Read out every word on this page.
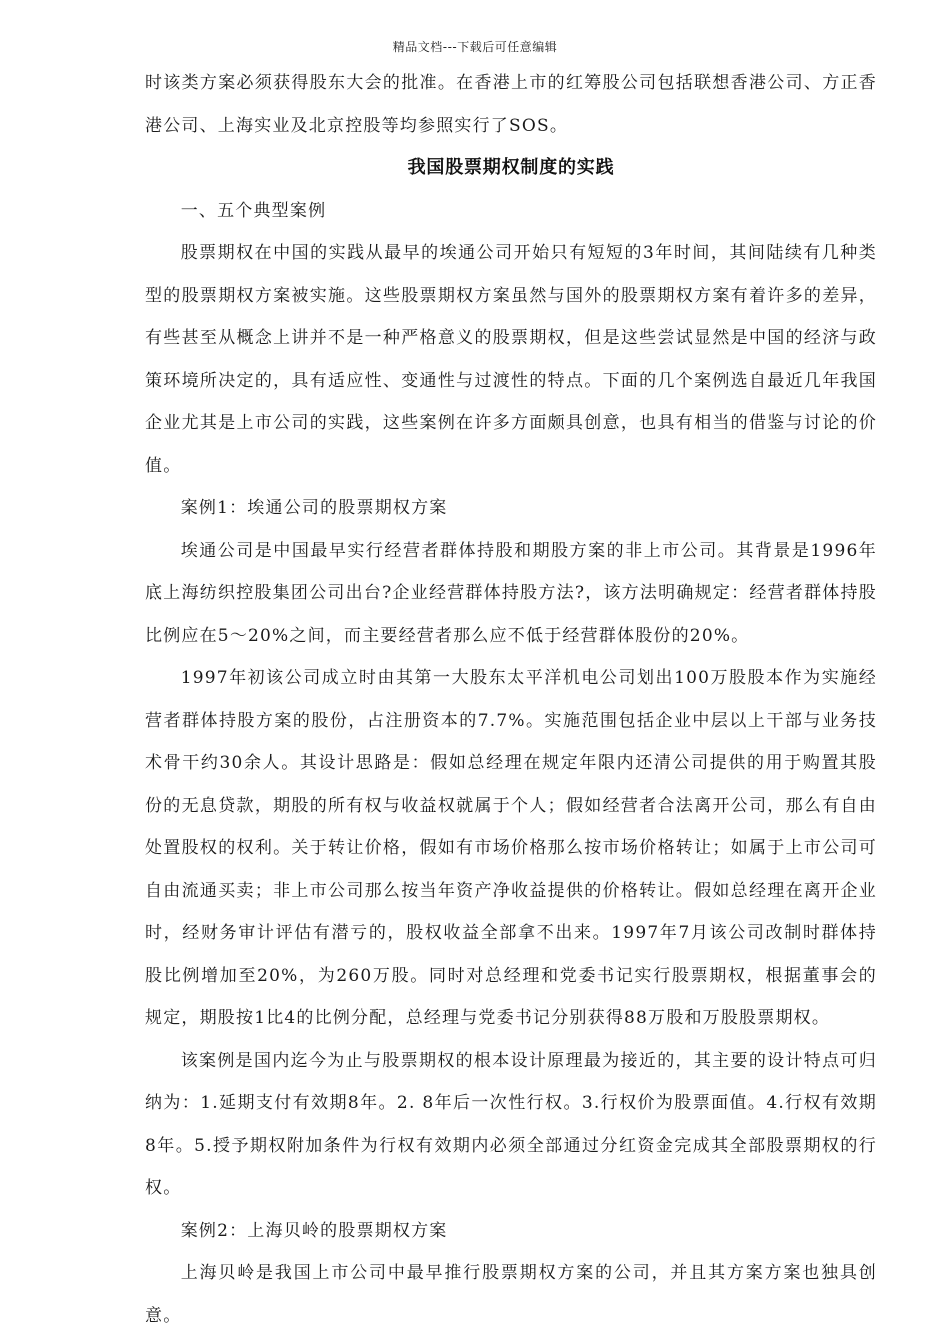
精品文档---下载后可任意编辑

时该类方案必须获得股东大会的批准。在香港上市的红筹股公司包括联想香港公司、方正香港公司、上海实业及北京控股等均参照实行了SOS。

我国股票期权制度的实践

一、五个典型案例

股票期权在中国的实践从最早的埃通公司开始只有短短的3年时间，其间陆续有几种类型的股票期权方案被实施。这些股票期权方案虽然与国外的股票期权方案有着许多的差异，有些甚至从概念上讲并不是一种严格意义的股票期权，但是这些尝试显然是中国的经济与政策环境所决定的，具有适应性、变通性与过渡性的特点。下面的几个案例选自最近几年我国企业尤其是上市公司的实践，这些案例在许多方面颇具创意，也具有相当的借鉴与讨论的价值。

案例1：埃通公司的股票期权方案

埃通公司是中国最早实行经营者群体持股和期股方案的非上市公司。其背景是1996年底上海纺织控股集团公司出台?企业经营群体持股方法?，该方法明确规定：经营者群体持股比例应在5～20%之间，而主要经营者那么应不低于经营群体股份的20%。

1997年初该公司成立时由其第一大股东太平洋机电公司划出100万股股本作为实施经营者群体持股方案的股份，占注册资本的7.7%。实施范围包括企业中层以上干部与业务技术骨干约30余人。其设计思路是：假如总经理在规定年限内还清公司提供的用于购置其股份的无息贷款，期股的所有权与收益权就属于个人；假如经营者合法离开公司，那么有自由处置股权的权利。关于转让价格，假如有市场价格那么按市场价格转让；如属于上市公司可自由流通买卖；非上市公司那么按当年资产净收益提供的价格转让。假如总经理在离开企业时，经财务审计评估有潜亏的，股权收益全部拿不出来。1997年7月该公司改制时群体持股比例增加至20%，为260万股。同时对总经理和党委书记实行股票期权，根据董事会的规定，期股按1比4的比例分配，总经理与党委书记分别获得88万股和万股股票期权。

该案例是国内迄今为止与股票期权的根本设计原理最为接近的，其主要的设计特点可归纳为：1.延期支付有效期8年。2. 8年后一次性行权。3.行权价为股票面值。4.行权有效期8年。5.授予期权附加条件为行权有效期内必须全部通过分红资金完成其全部股票期权的行权。

案例2：上海贝岭的股票期权方案

上海贝岭是我国上市公司中最早推行股票期权方案的公司，并且其方案方案也独具创意。
